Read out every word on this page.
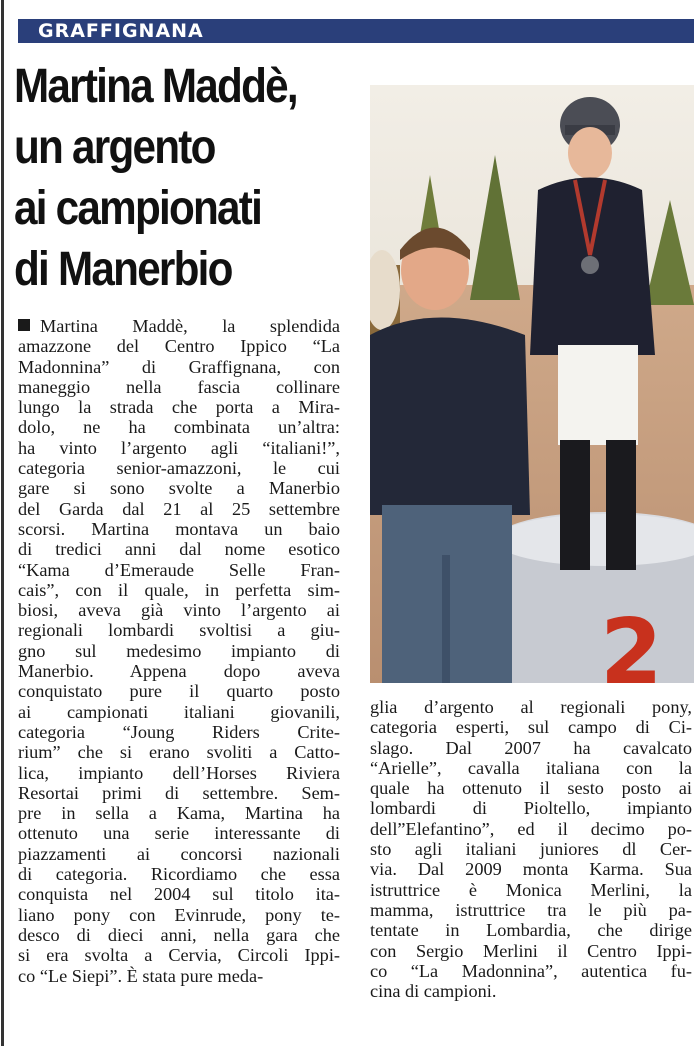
GRAFFIGNANA
Martina Maddè,
un argento
ai campionati
di Manerbio
Martina Maddè, la splendida
amazzone del Centro Ippico “La
Madonnina” di Graffignana, con
maneggio nella fascia collinare
lungo la strada che porta a Mira-
dolo, ne ha combinata un’altra:
ha vinto l’argento agli “italiani!”,
categoria senior-amazzoni, le cui
gare si sono svolte a Manerbio
del Garda dal 21 al 25 settembre
scorsi. Martina montava un baio
di tredici anni dal nome esotico
“Kama d’Emeraude Selle Fran-
cais”, con il quale, in perfetta sim-
biosi, aveva già vinto l’argento ai
regionali lombardi svoltisi a giu-
gno sul medesimo impianto di
Manerbio. Appena dopo aveva
conquistato pure il quarto posto
ai campionati italiani giovanili,
categoria “Joung Riders Crite-
rium” che si erano svoliti a Catto-
lica, impianto dell’Horses Riviera
Resortai primi di settembre. Sem-
pre in sella a Kama, Martina ha
ottenuto una serie interessante di
piazzamenti ai concorsi nazionali
di categoria. Ricordiamo che essa
conquista nel 2004 sul titolo ita-
liano pony con Evinrude, pony te-
desco di dieci anni, nella gara che
si era svolta a Cervia, Circoli Ippi-
co “Le Siepi”. È stata pure meda-
glia d’argento al regionali pony,
categoria esperti, sul campo di Ci-
slago. Dal 2007 ha cavalcato
“Arielle”, cavalla italiana con la
quale ha ottenuto il sesto posto ai
lombardi di Pioltello, impianto
dell”Elefantino”, ed il decimo po-
sto agli italiani juniores dl Cer-
via. Dal 2009 monta Karma. Sua
istruttrice è Monica Merlini, la
mamma, istruttrice tra le più pa-
tentate in Lombardia, che dirige
con Sergio Merlini il Centro Ippi-
co “La Madonnina”, autentica fu-
cina di campioni.
2
